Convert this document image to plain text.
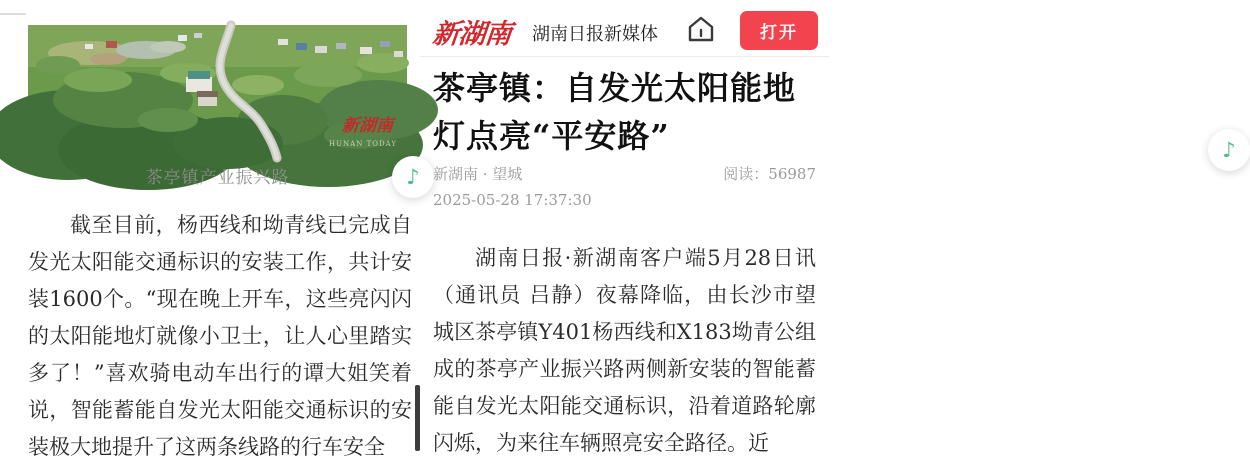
新湖南
HUNAN TODAY
茶亭镇产业振兴路

截至目前，杨西线和坳青线已完成自发光太阳能交通标识的安装工作，共计安装1600个。“现在晚上开车，这些亮闪闪的太阳能地灯就像小卫士，让人心里踏实多了！”喜欢骑电动车出行的谭大姐笑着说，智能蓄能自发光太阳能交通标识的安装极大地提升了这两条线路的行车安全

♪
新湖南 湖南日报新媒体	打开
茶亭镇：自发光太阳能地灯点亮“平安路”
新湖南 · 望城
2025-05-28 17:37:30
阅读：56987

湖南日报·新湖南客户端5月28日讯（通讯员 吕静）夜幕降临，由长沙市望城区茶亭镇Y401杨西线和X183坳青公组成的茶亭产业振兴路两侧新安装的智能蓄能自发光太阳能交通标识，沿着道路轮廓闪烁，为来往车辆照亮安全路径。近

♪
